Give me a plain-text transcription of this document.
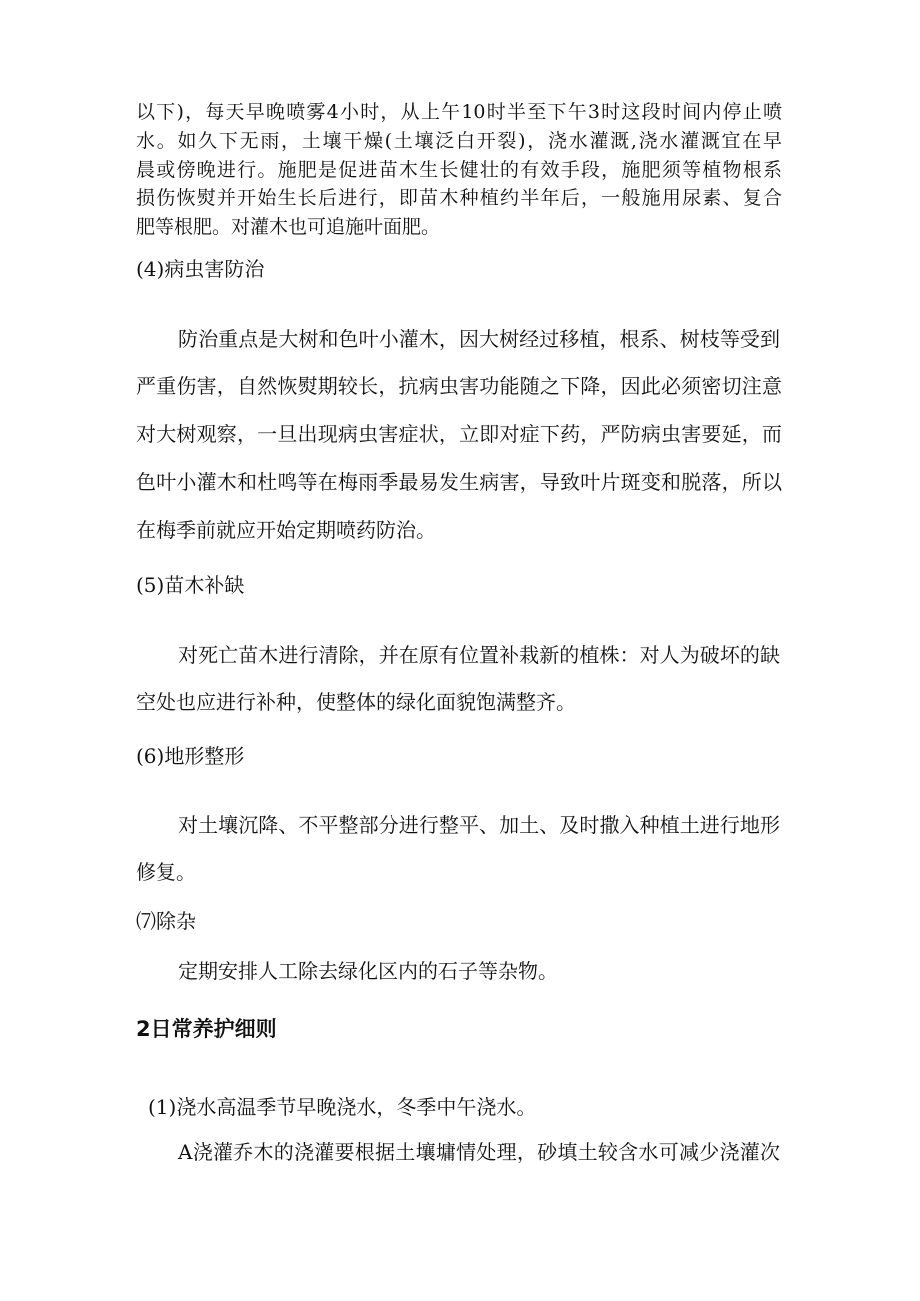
以下)，每天早晚喷雾4小时，从上午10时半至下午3时这段时间内停止喷
水。如久下无雨，土壤干燥(土壤泛白开裂)，浇水灌溉,浇水灌溉宜在早
晨或傍晚进行。施肥是促进苗木生长健壮的有效手段，施肥须等植物根系
损伤恢熨并开始生长后进行，即苗木种植约半年后，一般施用尿素、复合
肥等根肥。对灌木也可追施叶面肥。
(4)病虫害防治
防治重点是大树和色叶小灌木，因大树经过移植，根系、树枝等受到
严重伤害，自然恢熨期较长，抗病虫害功能随之下降，因此必须密切注意
对大树观察，一旦出现病虫害症状，立即对症下药，严防病虫害要延，而
色叶小灌木和杜鸣等在梅雨季最易发生病害，导致叶片斑变和脱落，所以
在梅季前就应开始定期喷药防治。
(5)苗木补缺
对死亡苗木进行清除，并在原有位置补栽新的植株：对人为破坏的缺
空处也应进行补种，使整体的绿化面貌饱满整齐。
(6)地形整形
对土壤沉降、不平整部分进行整平、加土、及时撒入种植土进行地形
修复。
⑺除杂
定期安排人工除去绿化区内的石子等杂物。
2日常养护细则
(1)浇水高温季节早晚浇水，冬季中午浇水。
A浇灌乔木的浇灌要根据土壤墉情处理，砂填土较含水可减少浇灌次
